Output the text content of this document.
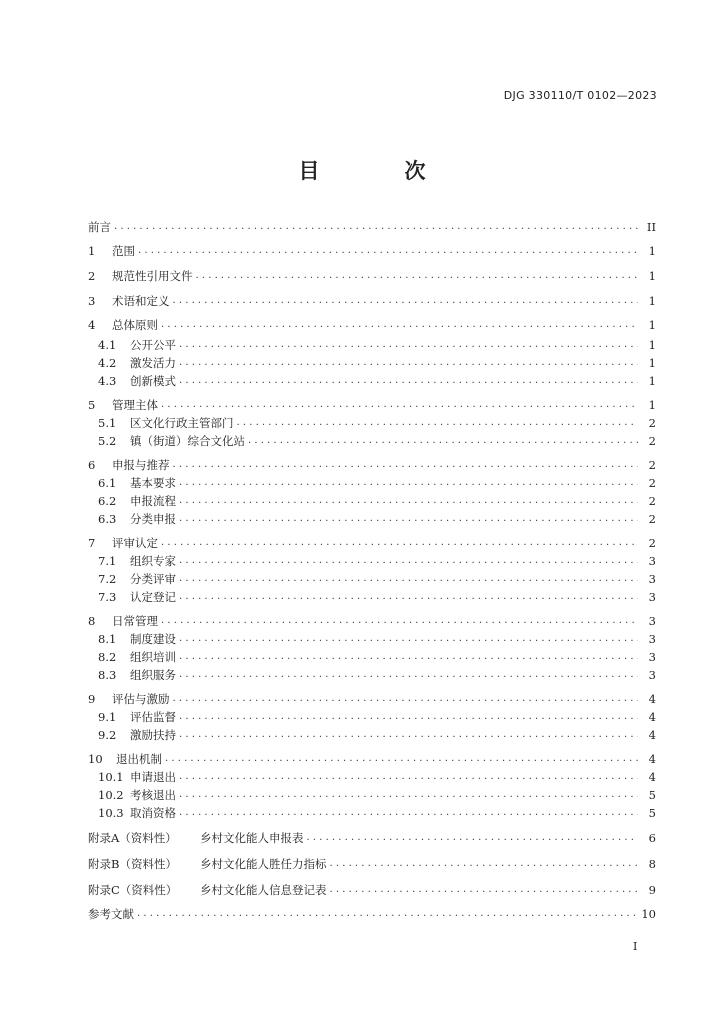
DJG 330110/T 0102—2023
目　次
前言 . . .	II
1	范围 . . .	1
2	规范性引用文件 . . .	1
3	术语和定义 . . .	1
4	总体原则 . . .	1
4.1	公开公平 . . .	1
4.2	激发活力 . . .	1
4.3	创新模式 . . .	1
5	管理主体 . . .	1
5.1	区文化行政主管部门 . . .	2
5.2	镇（街道）综合文化站 . . .	2
6	申报与推荐 . . .	2
6.1	基本要求 . . .	2
6.2	申报流程 . . .	2
6.3	分类申报 . . .	2
7	评审认定 . . .	2
7.1	组织专家 . . .	3
7.2	分类评审 . . .	3
7.3	认定登记 . . .	3
8	日常管理 . . .	3
8.1	制度建设 . . .	3
8.2	组织培训 . . .	3
8.3	组织服务 . . .	3
9	评估与激励 . . .	4
9.1	评估监督 . . .	4
9.2	激励扶持 . . .	4
10	退出机制 . . .	4
10.1 申请退出 . . .	4
10.2 考核退出 . . .	5
10.3 取消资格 . . .	5
附录A（资料性）	乡村文化能人申报表 . . .	6
附录B（资料性）	乡村文化能人胜任力指标 . . .	8
附录C（资料性）	乡村文化能人信息登记表 . . .	9
参考文献 . . .	10
I
